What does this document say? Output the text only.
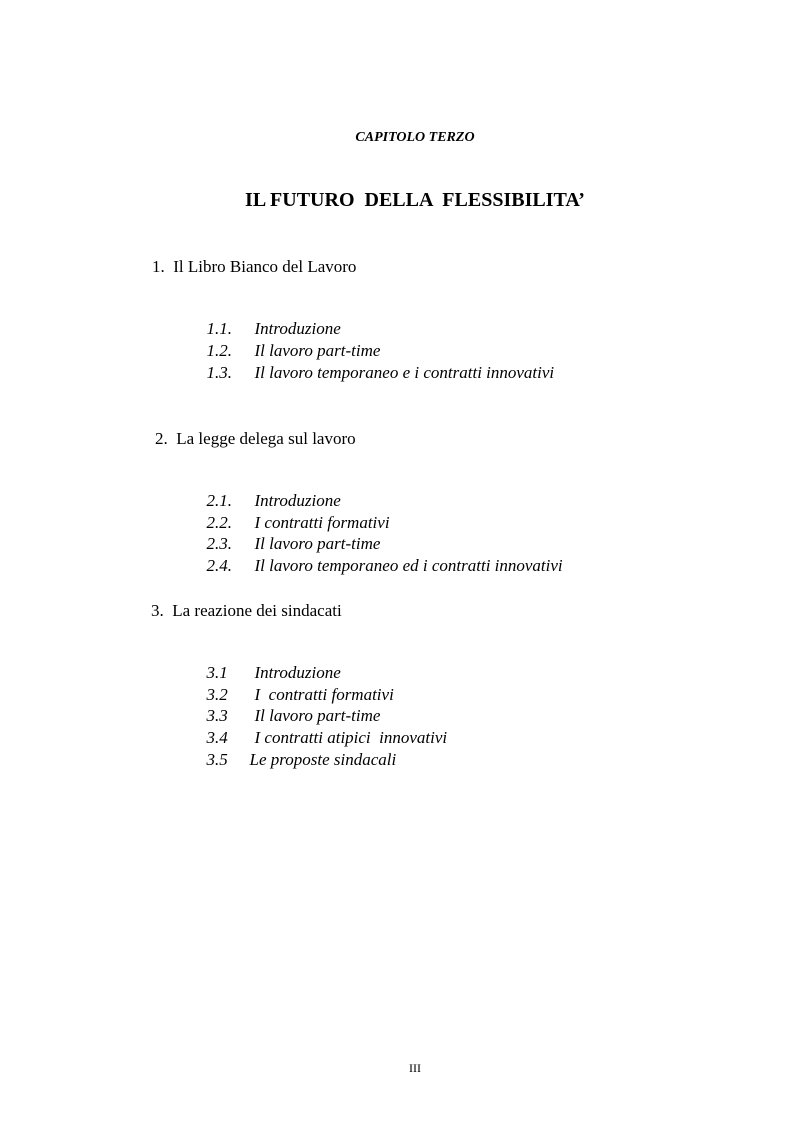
CAPITOLO TERZO
IL FUTURO  DELLA  FLESSIBILITA’
1.  Il Libro Bianco del Lavoro

1.1. Introduzione

1.2. Il lavoro part-time

1.3. Il lavoro temporaneo e i contratti innovativi

2.  La legge delega sul lavoro

2.1. Introduzione

2.2. I contratti formativi

2.3. Il lavoro part-time

2.4. Il lavoro temporaneo ed i contratti innovativi

3.  La reazione dei sindacati

3.1 Introduzione

3.2 I  contratti formativi

3.3 Il lavoro part-time

3.4 I contratti atipici  innovativi

3.5 Le proposte sindacali

III
